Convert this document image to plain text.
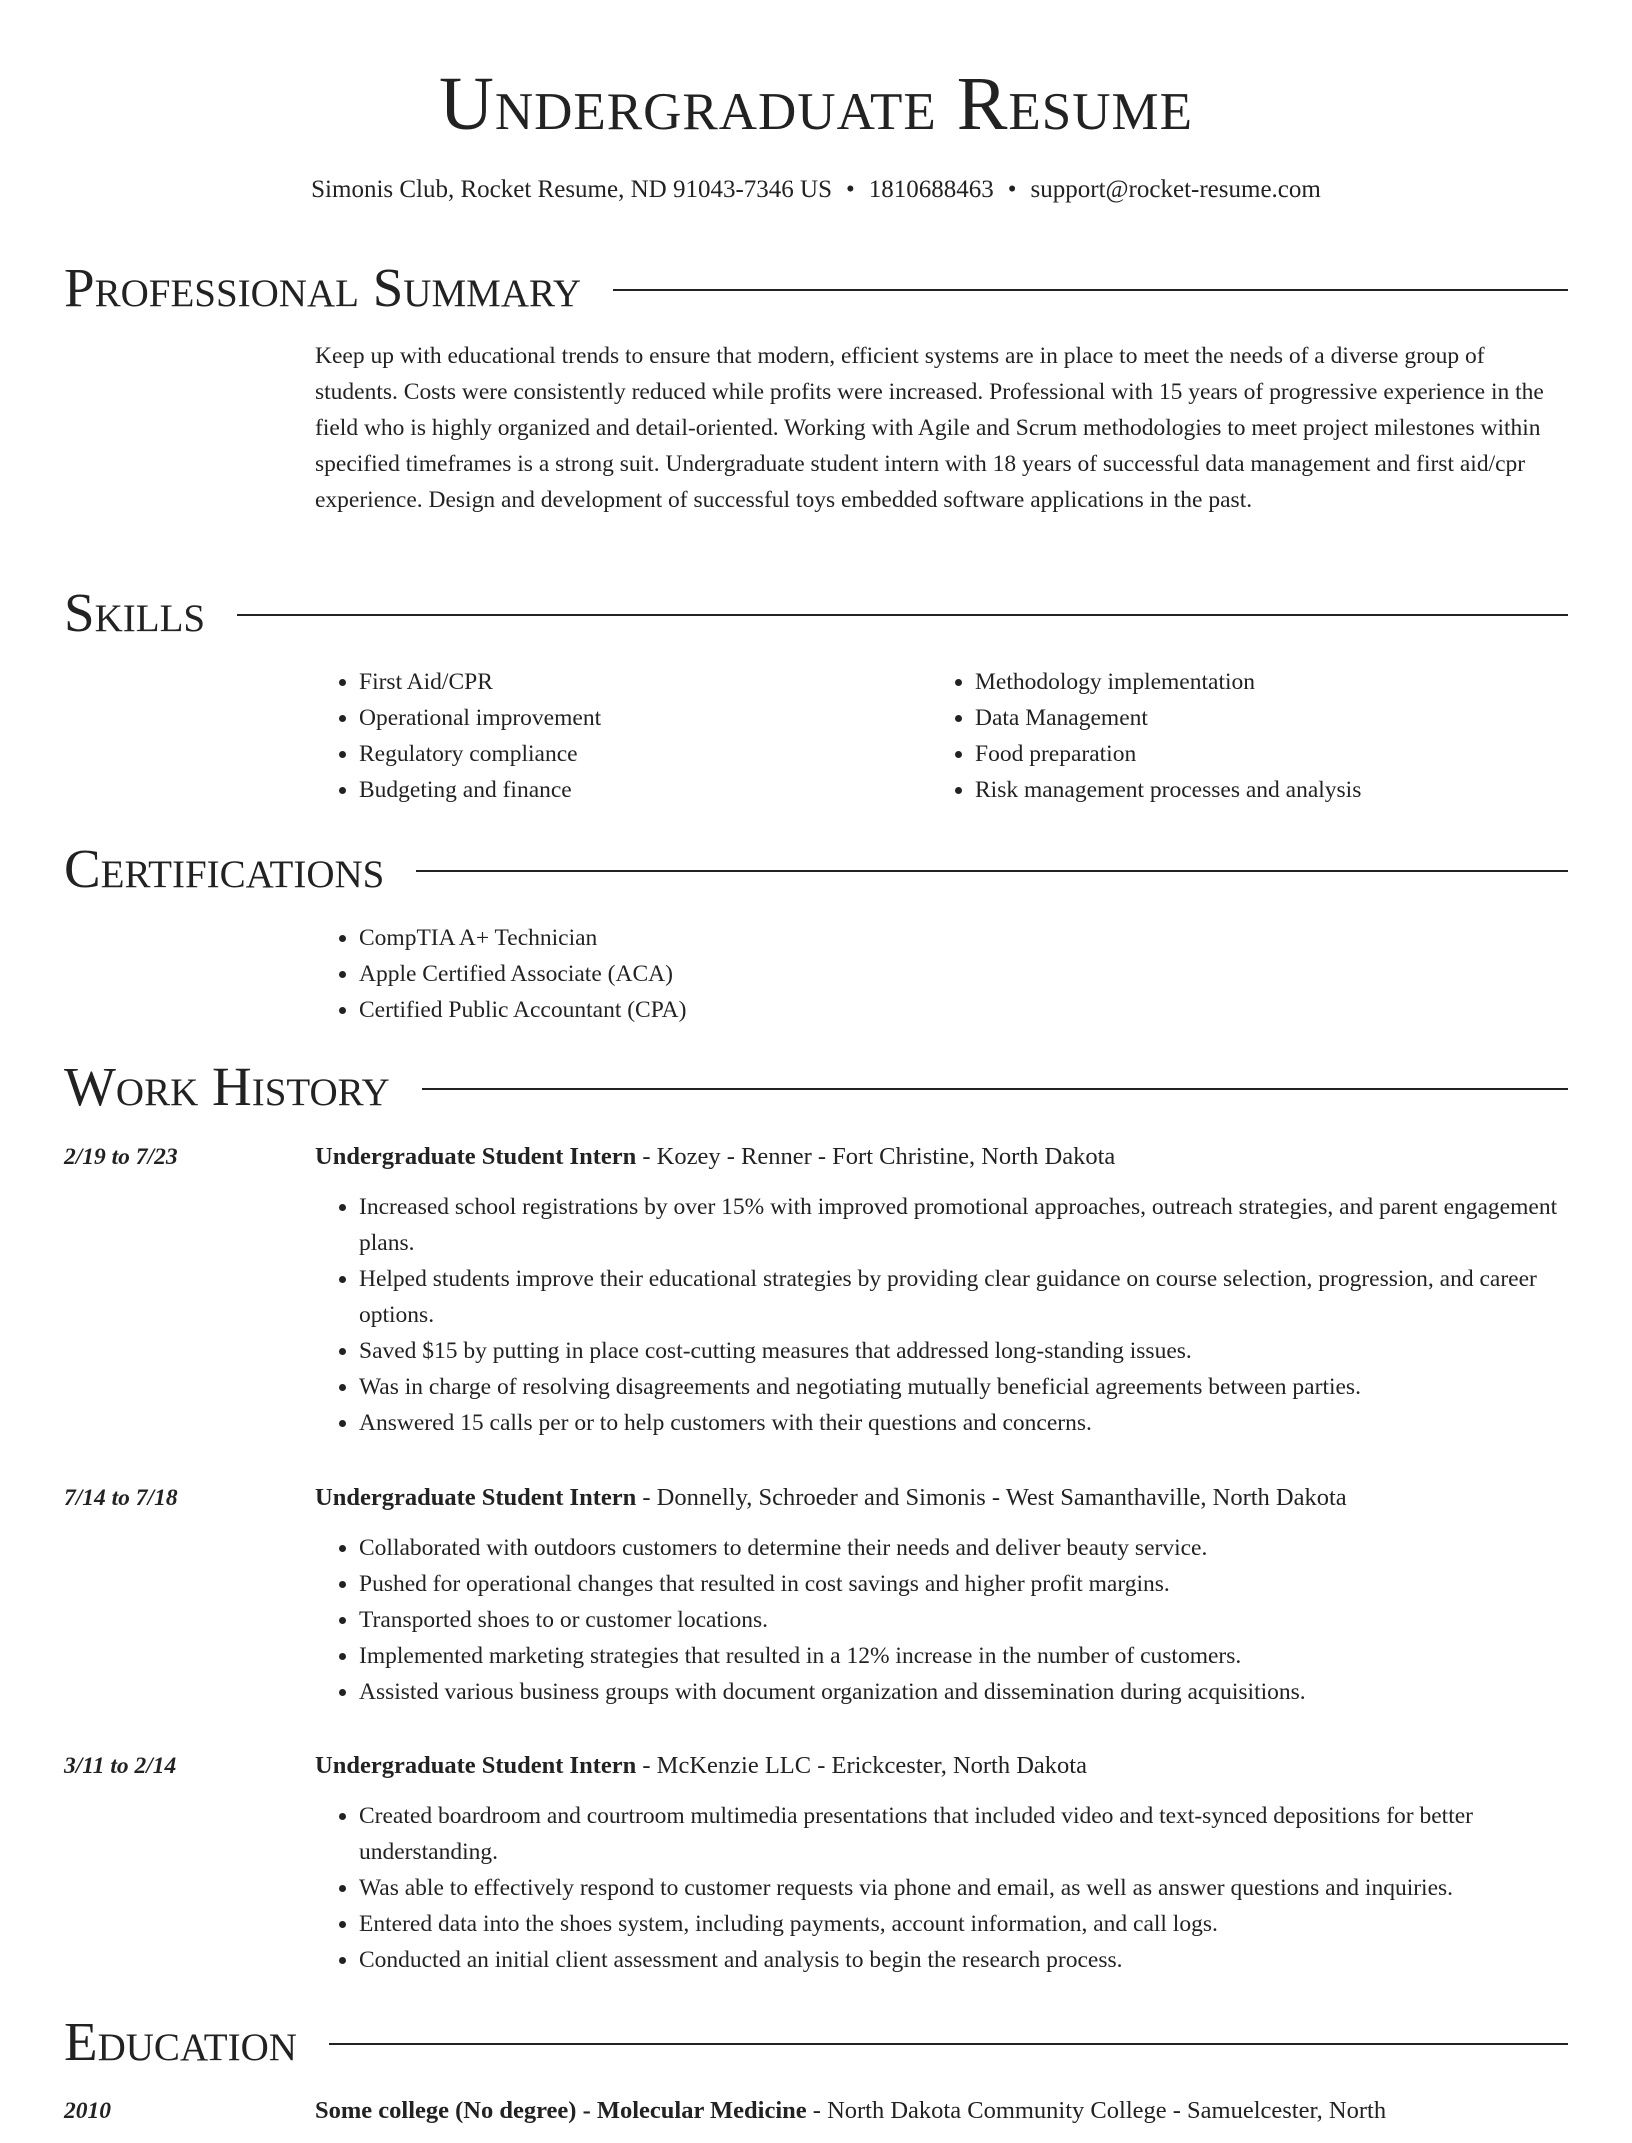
Undergraduate Resume
Simonis Club, Rocket Resume, ND 91043-7346 US • 1810688463 • support@rocket-resume.com
Professional Summary
Keep up with educational trends to ensure that modern, efficient systems are in place to meet the needs of a diverse group of students. Costs were consistently reduced while profits were increased. Professional with 15 years of progressive experience in the field who is highly organized and detail-oriented. Working with Agile and Scrum methodologies to meet project milestones within specified timeframes is a strong suit. Undergraduate student intern with 18 years of successful data management and first aid/cpr experience. Design and development of successful toys embedded software applications in the past.
Skills
• First Aid/CPR
• Operational improvement
• Regulatory compliance
• Budgeting and finance
• Methodology implementation
• Data Management
• Food preparation
• Risk management processes and analysis
Certifications
• CompTIA A+ Technician
• Apple Certified Associate (ACA)
• Certified Public Accountant (CPA)
Work History
2/19 to 7/23	Undergraduate Student Intern - Kozey - Renner - Fort Christine, North Dakota
• Increased school registrations by over 15% with improved promotional approaches, outreach strategies, and parent engagement plans.
• Helped students improve their educational strategies by providing clear guidance on course selection, progression, and career options.
• Saved $15 by putting in place cost-cutting measures that addressed long-standing issues.
• Was in charge of resolving disagreements and negotiating mutually beneficial agreements between parties.
• Answered 15 calls per or to help customers with their questions and concerns.
7/14 to 7/18	Undergraduate Student Intern - Donnelly, Schroeder and Simonis - West Samanthaville, North Dakota
• Collaborated with outdoors customers to determine their needs and deliver beauty service.
• Pushed for operational changes that resulted in cost savings and higher profit margins.
• Transported shoes to or customer locations.
• Implemented marketing strategies that resulted in a 12% increase in the number of customers.
• Assisted various business groups with document organization and dissemination during acquisitions.
3/11 to 2/14	Undergraduate Student Intern - McKenzie LLC - Erickcester, North Dakota
• Created boardroom and courtroom multimedia presentations that included video and text-synced depositions for better understanding.
• Was able to effectively respond to customer requests via phone and email, as well as answer questions and inquiries.
• Entered data into the shoes system, including payments, account information, and call logs.
• Conducted an initial client assessment and analysis to begin the research process.
Education
2010	Some college (No degree) - Molecular Medicine - North Dakota Community College - Samuelcester, North
